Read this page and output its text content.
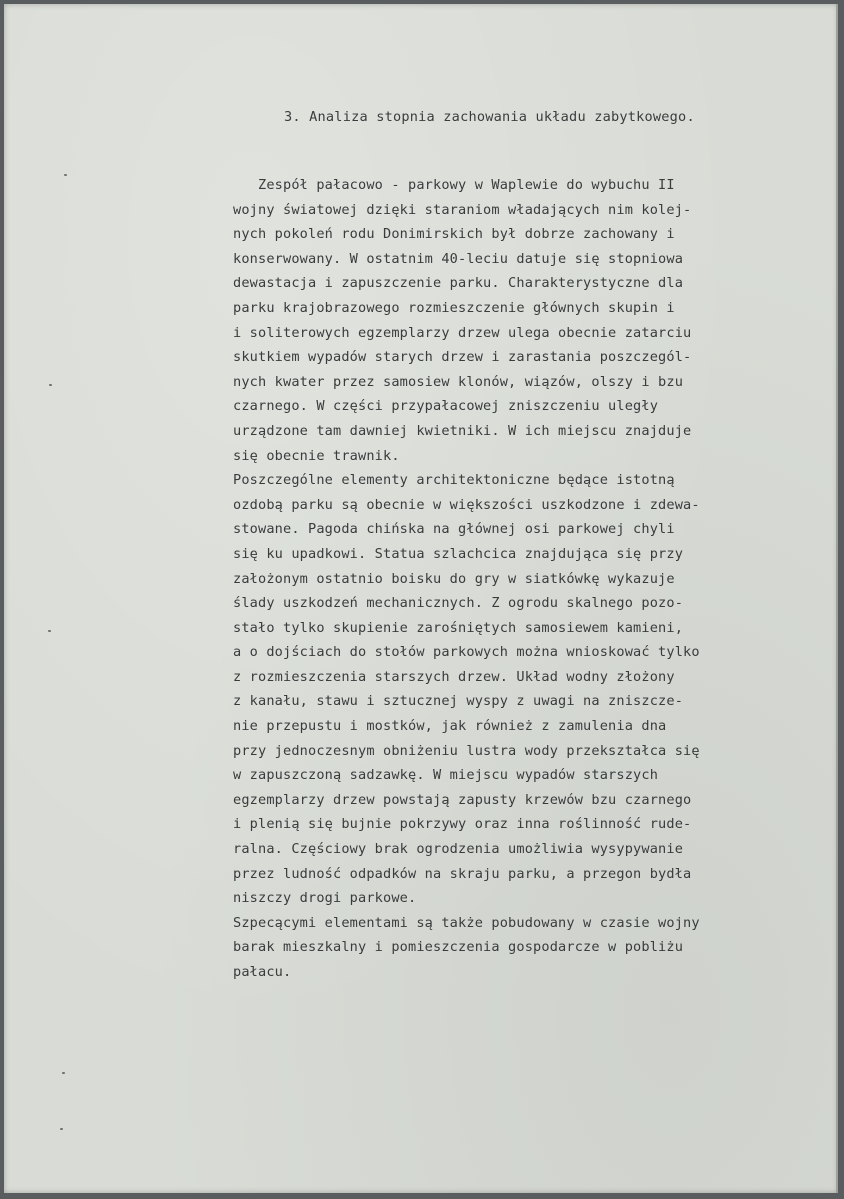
3. Analiza stopnia zachowania układu zabytkowego.
Zespół pałacowo - parkowy w Waplewie do wybuchu II
wojny światowej dzięki staraniom władających nim kolej-
nych pokoleń rodu Donimirskich był dobrze zachowany i
konserwowany. W ostatnim 40-leciu datuje się stopniowa
dewastacja i zapuszczenie parku. Charakterystyczne dla
parku krajobrazowego rozmieszczenie głównych skupin i
i soliterowych egzemplarzy drzew ulega obecnie zatarciu
skutkiem wypadów starych drzew i zarastania poszczegól-
nych kwater przez samosiew klonów, wiązów, olszy i bzu
czarnego. W części przypałacowej zniszczeniu uległy
urządzone tam dawniej kwietniki. W ich miejscu znajduje
się obecnie trawnik.
Poszczególne elementy architektoniczne będące istotną
ozdobą parku są obecnie w większości uszkodzone i zdewa-
stowane. Pagoda chińska na głównej osi parkowej chyli
się ku upadkowi. Statua szlachcica znajdująca się przy
założonym ostatnio boisku do gry w siatkówkę wykazuje
ślady uszkodzeń mechanicznych. Z ogrodu skalnego pozo-
stało tylko skupienie zarośniętych samosiewem kamieni,
a o dojściach do stołów parkowych można wnioskować tylko
z rozmieszczenia starszych drzew. Układ wodny złożony
z kanału, stawu i sztucznej wyspy z uwagi na zniszcze-
nie przepustu i mostków, jak również z zamulenia dna
przy jednoczesnym obniżeniu lustra wody przekształca się
w zapuszczoną sadzawkę. W miejscu wypadów starszych
egzemplarzy drzew powstają zapusty krzewów bzu czarnego
i plenią się bujnie pokrzywy oraz inna roślinność rude-
ralna. Częściowy brak ogrodzenia umożliwia wysypywanie
przez ludność odpadków na skraju parku, a przegon bydła
niszczy drogi parkowe.
Szpecącymi elementami są także pobudowany w czasie wojny
barak mieszkalny i pomieszczenia gospodarcze w pobliżu
pałacu.
